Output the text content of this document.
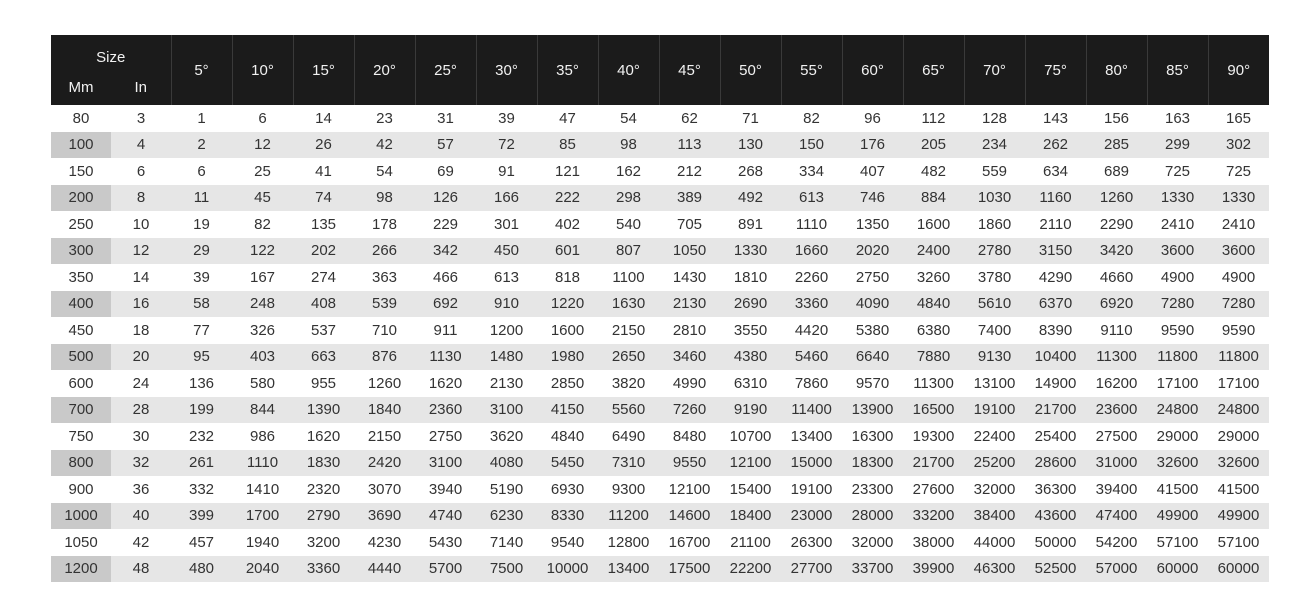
Size		5°	10°	15°	20°	25°	30°	35°	40°	45°	50°	55°	60°	65°	70°	75°	80°	85°	90°
Mm	In																		
80	3	1	6	14	23	31	39	47	54	62	71	82	96	112	128	143	156	163	165
100	4	2	12	26	42	57	72	85	98	113	130	150	176	205	234	262	285	299	302
150	6	6	25	41	54	69	91	121	162	212	268	334	407	482	559	634	689	725	725
200	8	11	45	74	98	126	166	222	298	389	492	613	746	884	1030	1160	1260	1330	1330
250	10	19	82	135	178	229	301	402	540	705	891	1110	1350	1600	1860	2110	2290	2410	2410
300	12	29	122	202	266	342	450	601	807	1050	1330	1660	2020	2400	2780	3150	3420	3600	3600
350	14	39	167	274	363	466	613	818	1100	1430	1810	2260	2750	3260	3780	4290	4660	4900	4900
400	16	58	248	408	539	692	910	1220	1630	2130	2690	3360	4090	4840	5610	6370	6920	7280	7280
450	18	77	326	537	710	911	1200	1600	2150	2810	3550	4420	5380	6380	7400	8390	9110	9590	9590
500	20	95	403	663	876	1130	1480	1980	2650	3460	4380	5460	6640	7880	9130	10400	11300	11800	11800
600	24	136	580	955	1260	1620	2130	2850	3820	4990	6310	7860	9570	11300	13100	14900	16200	17100	17100
700	28	199	844	1390	1840	2360	3100	4150	5560	7260	9190	11400	13900	16500	19100	21700	23600	24800	24800
750	30	232	986	1620	2150	2750	3620	4840	6490	8480	10700	13400	16300	19300	22400	25400	27500	29000	29000
800	32	261	1110	1830	2420	3100	4080	5450	7310	9550	12100	15000	18300	21700	25200	28600	31000	32600	32600
900	36	332	1410	2320	3070	3940	5190	6930	9300	12100	15400	19100	23300	27600	32000	36300	39400	41500	41500
1000	40	399	1700	2790	3690	4740	6230	8330	11200	14600	18400	23000	28000	33200	38400	43600	47400	49900	49900
1050	42	457	1940	3200	4230	5430	7140	9540	12800	16700	21100	26300	32000	38000	44000	50000	54200	57100	57100
1200	48	480	2040	3360	4440	5700	7500	10000	13400	17500	22200	27700	33700	39900	46300	52500	57000	60000	60000
